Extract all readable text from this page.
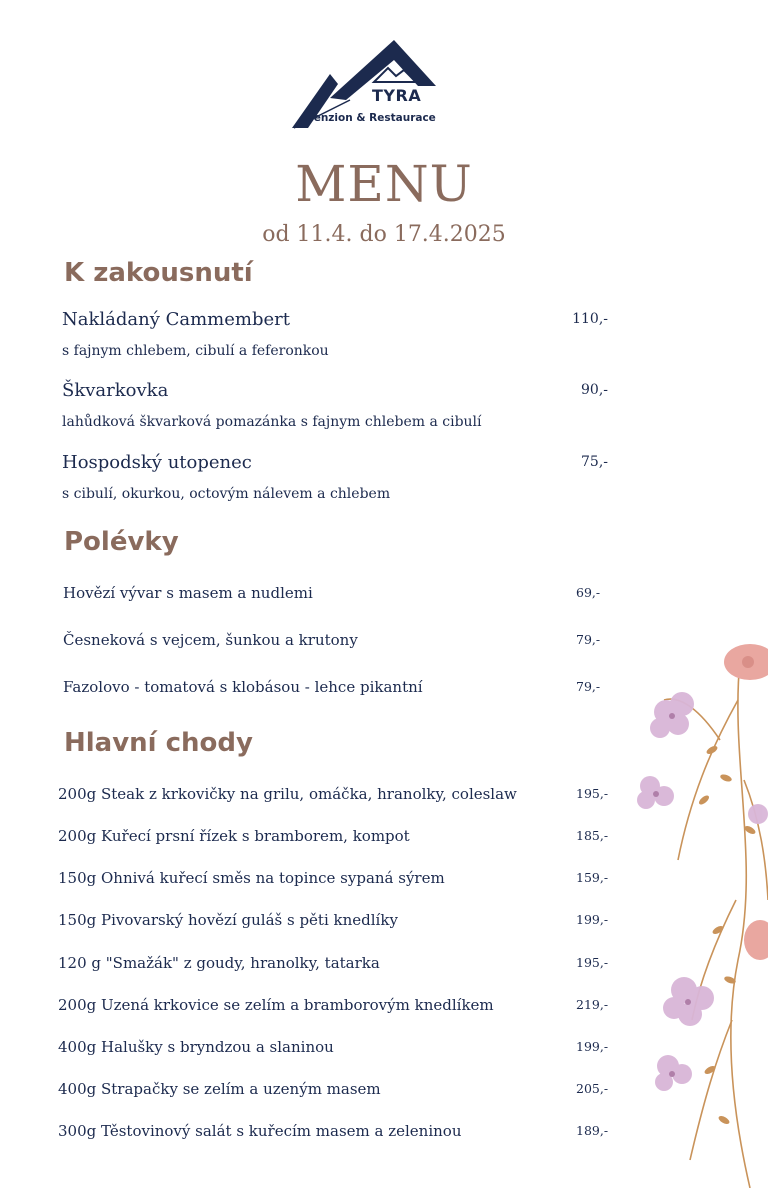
TYRA
Penzion & Restaurace
MENU
od 11.4. do 17.4.2025
K zakousnutí
Nakládaný Cammembert	110,-
s fajnym chlebem, cibulí a feferonkou
Škvarkovka	90,-
lahůdková škvarková pomazánka s fajnym chlebem a cibulí
Hospodský utopenec	75,-
s cibulí, okurkou, octovým nálevem a chlebem
Polévky
Hovězí vývar s masem a nudlemi	69,-
Česneková s vejcem, šunkou a krutony	79,-
Fazolovo - tomatová s klobásou - lehce pikantní	79,-
Hlavní chody
200g Steak z krkovičky na grilu, omáčka, hranolky, coleslaw	195,-
200g Kuřecí prsní řízek s bramborem, kompot	185,-
150g Ohnivá kuřecí směs na topince sypaná sýrem	159,-
150g Pivovarský hovězí guláš s pěti knedlíky	199,-
120 g "Smažák" z goudy, hranolky, tatarka	195,-
200g Uzená krkovice se zelím a bramborovým knedlíkem	219,-
400g Halušky s bryndzou a slaninou	199,-
400g Strapačky se zelím a uzeným masem	205,-
300g Těstovinový salát s kuřecím masem a zeleninou	189,-
